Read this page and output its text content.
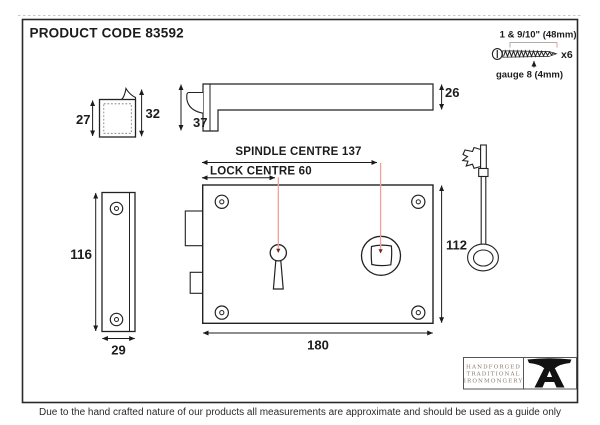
PRODUCT CODE 83592	1 & 9/10" (48mm)
x6
gauge 8 (4mm)
27	32
37
26
SPINDLE CENTRE 137
LOCK CENTRE 60
112
180
116
29
HANDFORGED
TRADITIONAL
IRONMONGERY
Due to the hand crafted nature of our products all measurements are approximate and should be used as a guide only
